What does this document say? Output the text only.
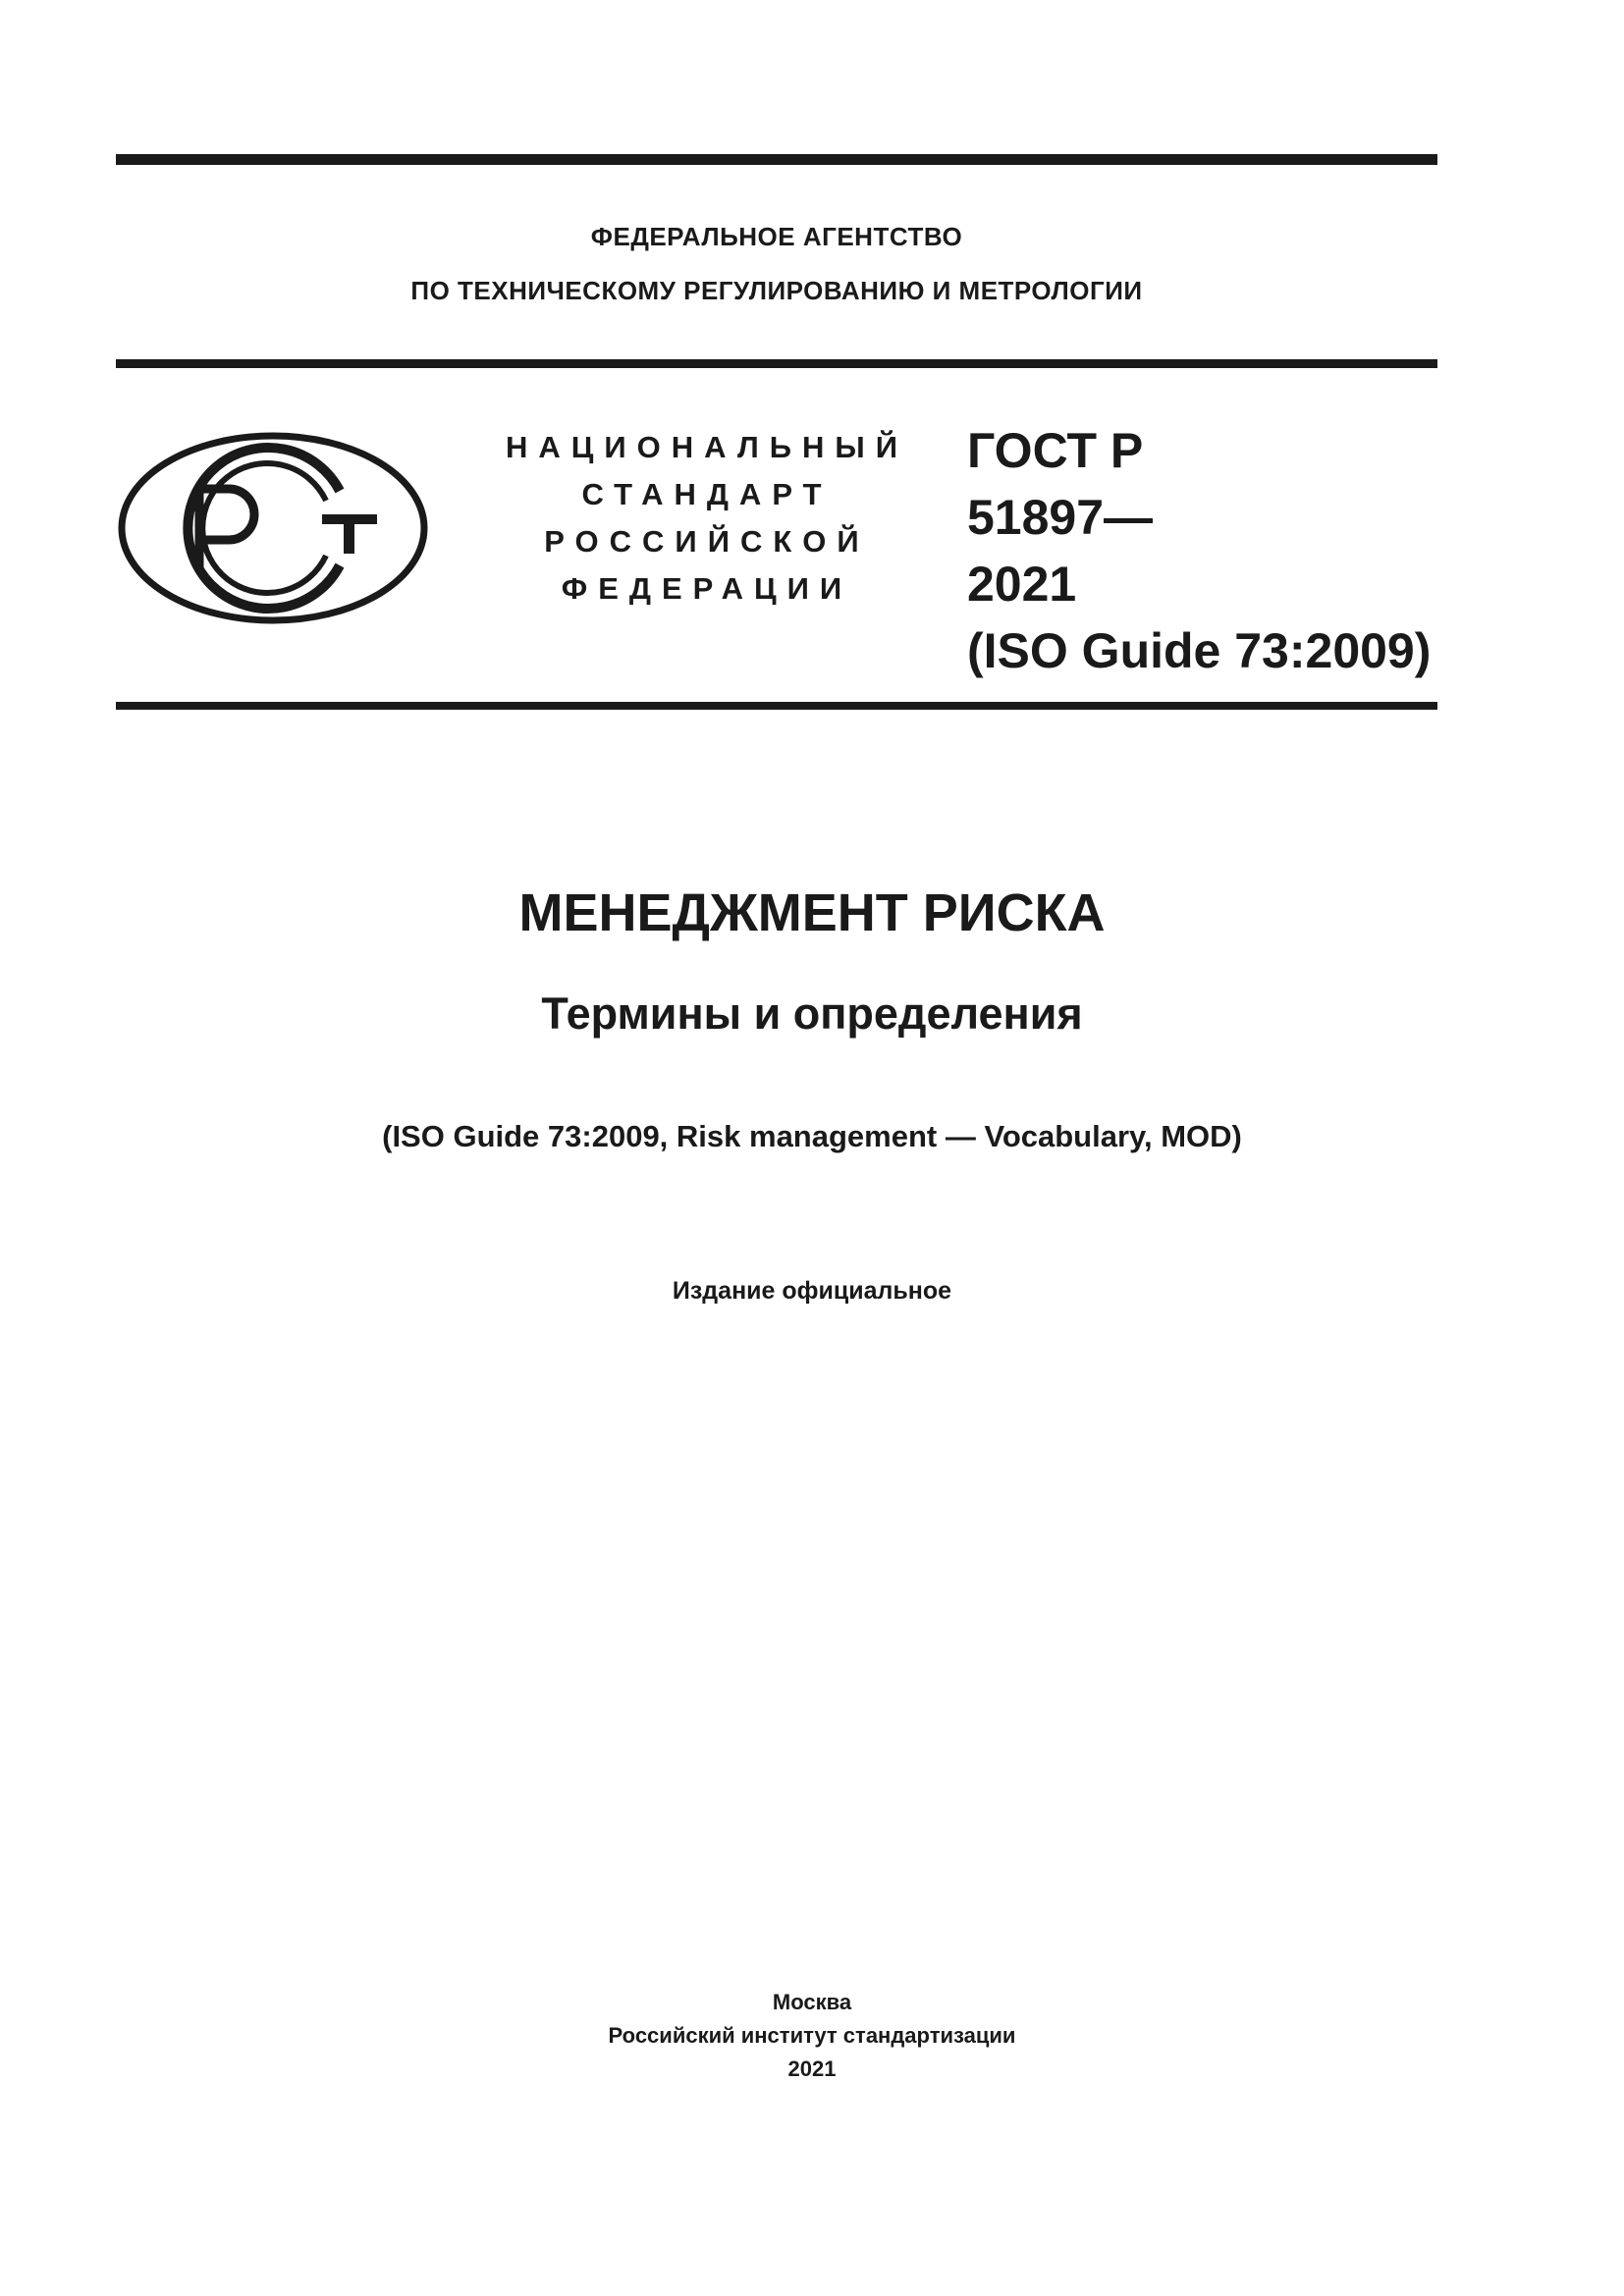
ФЕДЕРАЛЬНОЕ АГЕНТСТВО
ПО ТЕХНИЧЕСКОМУ РЕГУЛИРОВАНИЮ И МЕТРОЛОГИИ
НАЦИОНАЛЬНЫЙ
СТАНДАРТ
РОССИЙСКОЙ
ФЕДЕРАЦИИ
ГОСТ Р
51897—
2021
(ISO Guide 73:2009)
МЕНЕДЖМЕНТ РИСКА
Термины и определения
(ISO Guide 73:2009, Risk management — Vocabulary, MOD)
Издание официальное
Москва
Российский институт стандартизации
2021
